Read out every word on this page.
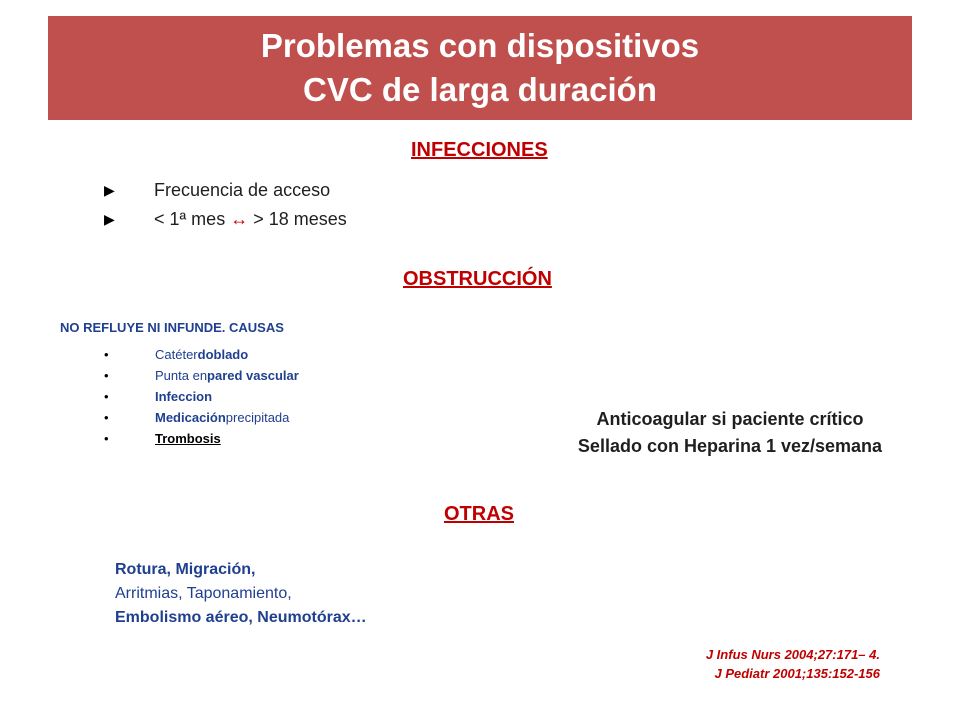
Problemas con dispositivos
CVC de larga duración
INFECCIONES
▶	Frecuencia de acceso
▶	< 1ª mes ↔ > 18 meses
OBSTRUCCIÓN
NO REFLUYE NI INFUNDE. CAUSAS
•	Catéter doblado
•	Punta en pared vascular
•	Infeccion
•	Medicación precipitada
•	Trombosis
Anticoagular si paciente crítico
Sellado con Heparina 1 vez/semana
OTRAS
Rotura, Migración,
Arritmias, Taponamiento,
Embolismo aéreo, Neumotórax…
J Infus Nurs 2004;27:171– 4.
J Pediatr 2001;135:152-156
